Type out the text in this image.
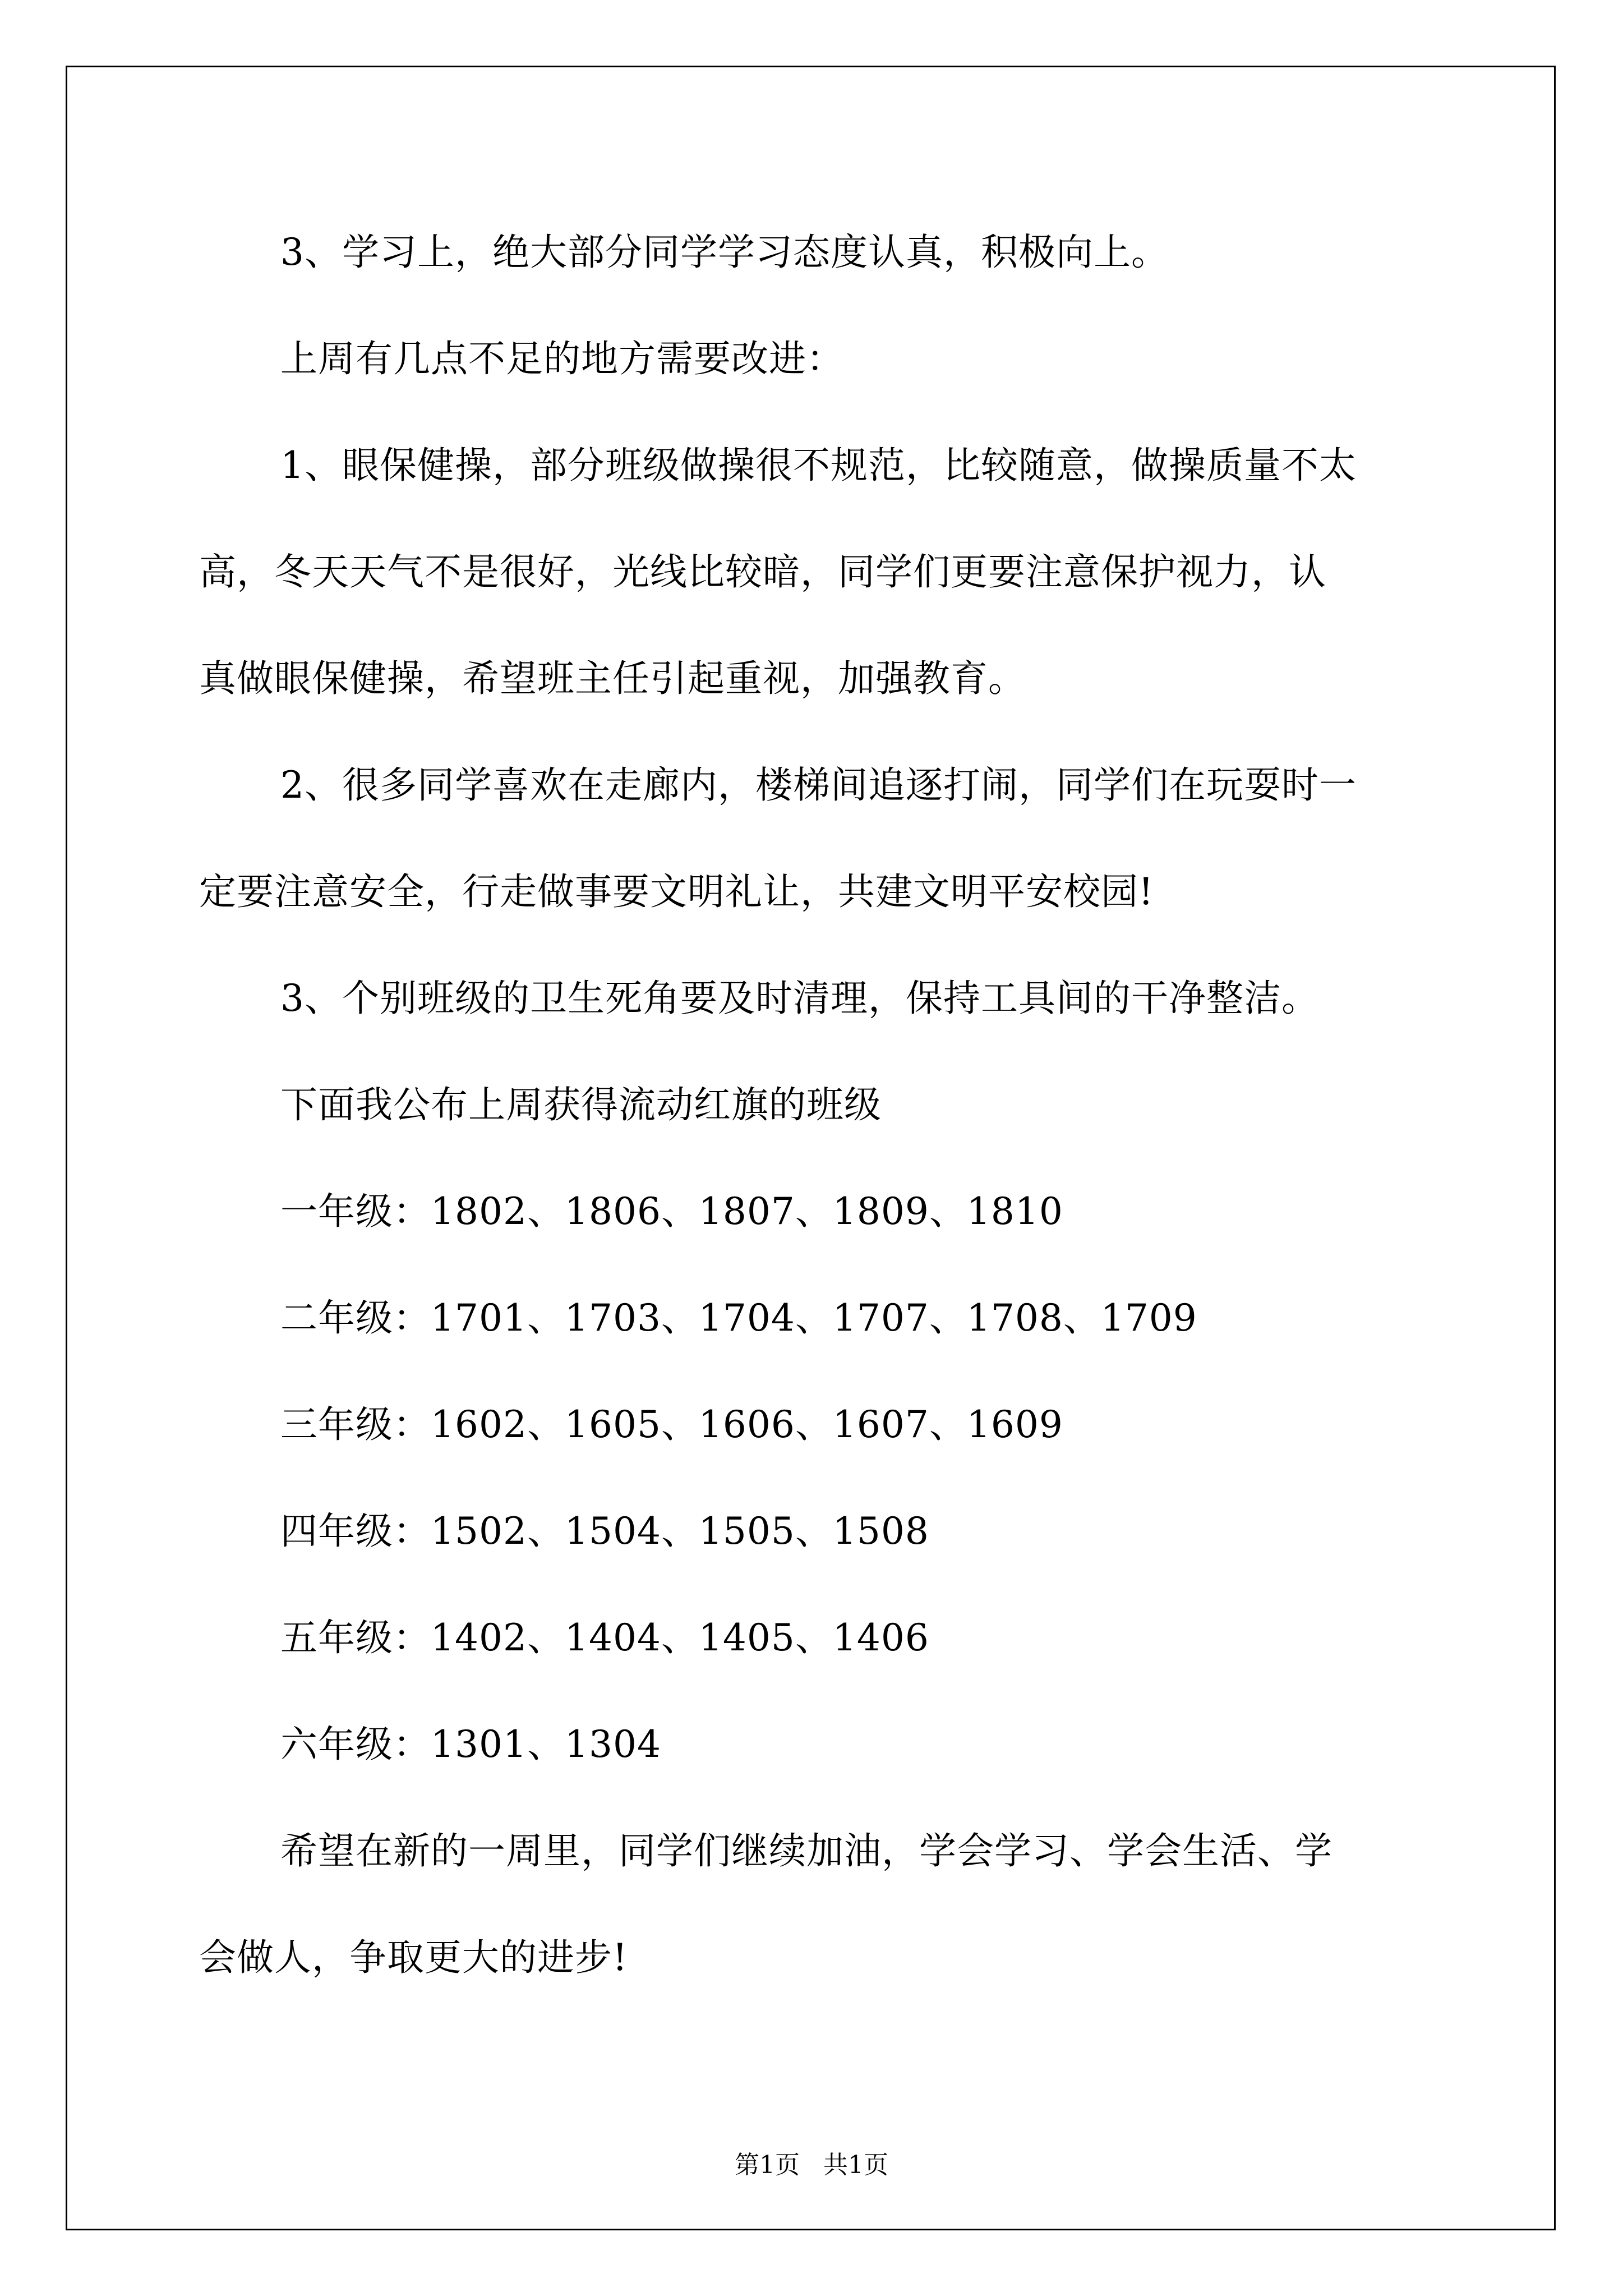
3、学习上，绝大部分同学学习态度认真，积极向上。
上周有几点不足的地方需要改进：
1、眼保健操，部分班级做操很不规范，比较随意，做操质量不太
高，冬天天气不是很好，光线比较暗，同学们更要注意保护视力，认
真做眼保健操，希望班主任引起重视，加强教育。
2、很多同学喜欢在走廊内，楼梯间追逐打闹，同学们在玩耍时一
定要注意安全，行走做事要文明礼让，共建文明平安校园!
3、个别班级的卫生死角要及时清理，保持工具间的干净整洁。
下面我公布上周获得流动红旗的班级
一年级：1802、1806、1807、1809、1810
二年级：1701、1703、1704、1707、1708、1709
三年级：1602、1605、1606、1607、1609
四年级：1502、1504、1505、1508
五年级：1402、1404、1405、1406
六年级：1301、1304
希望在新的一周里，同学们继续加油，学会学习、学会生活、学
会做人，争取更大的进步!
第1页   共1页
